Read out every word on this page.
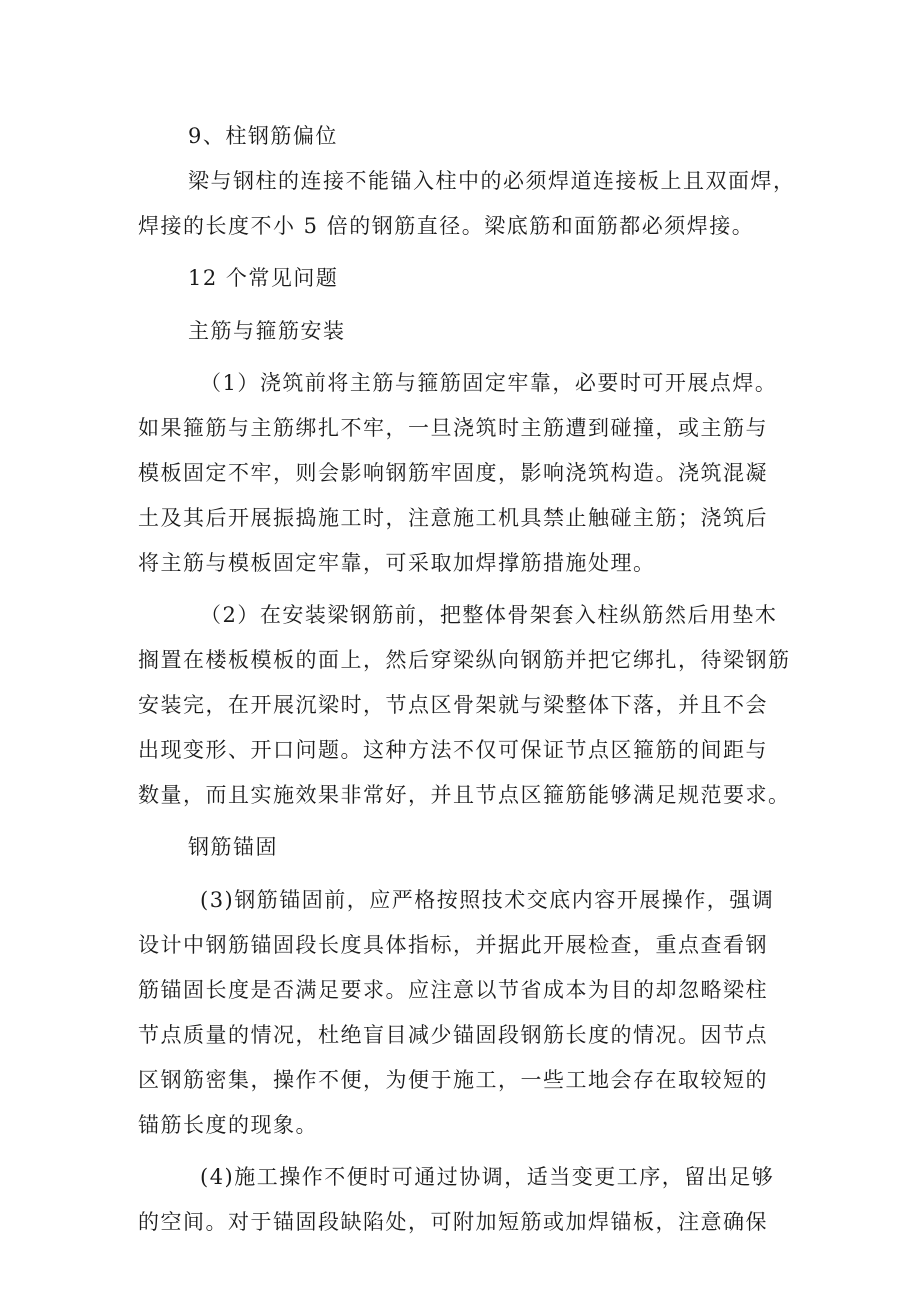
9、柱钢筋偏位
梁与钢柱的连接不能锚入柱中的必须焊道连接板上且双面焊，
焊接的长度不小 5 倍的钢筋直径。梁底筋和面筋都必须焊接。
12 个常见问题
主筋与箍筋安装
（1）浇筑前将主筋与箍筋固定牢靠，必要时可开展点焊。
如果箍筋与主筋绑扎不牢，一旦浇筑时主筋遭到碰撞，或主筋与
模板固定不牢，则会影响钢筋牢固度，影响浇筑构造。浇筑混凝
土及其后开展振捣施工时，注意施工机具禁止触碰主筋；浇筑后
将主筋与模板固定牢靠，可采取加焊撑筋措施处理。
（2）在安装梁钢筋前，把整体骨架套入柱纵筋然后用垫木
搁置在楼板模板的面上，然后穿梁纵向钢筋并把它绑扎，待梁钢筋
安装完，在开展沉梁时，节点区骨架就与梁整体下落，并且不会
出现变形、开口问题。这种方法不仅可保证节点区箍筋的间距与
数量，而且实施效果非常好，并且节点区箍筋能够满足规范要求。
钢筋锚固
(3)钢筋锚固前，应严格按照技术交底内容开展操作，强调
设计中钢筋锚固段长度具体指标，并据此开展检查，重点查看钢
筋锚固长度是否满足要求。应注意以节省成本为目的却忽略梁柱
节点质量的情况，杜绝盲目减少锚固段钢筋长度的情况。因节点
区钢筋密集，操作不便，为便于施工，一些工地会存在取较短的
锚筋长度的现象。
(4)施工操作不便时可通过协调，适当变更工序，留出足够
的空间。对于锚固段缺陷处，可附加短筋或加焊锚板，注意确保
